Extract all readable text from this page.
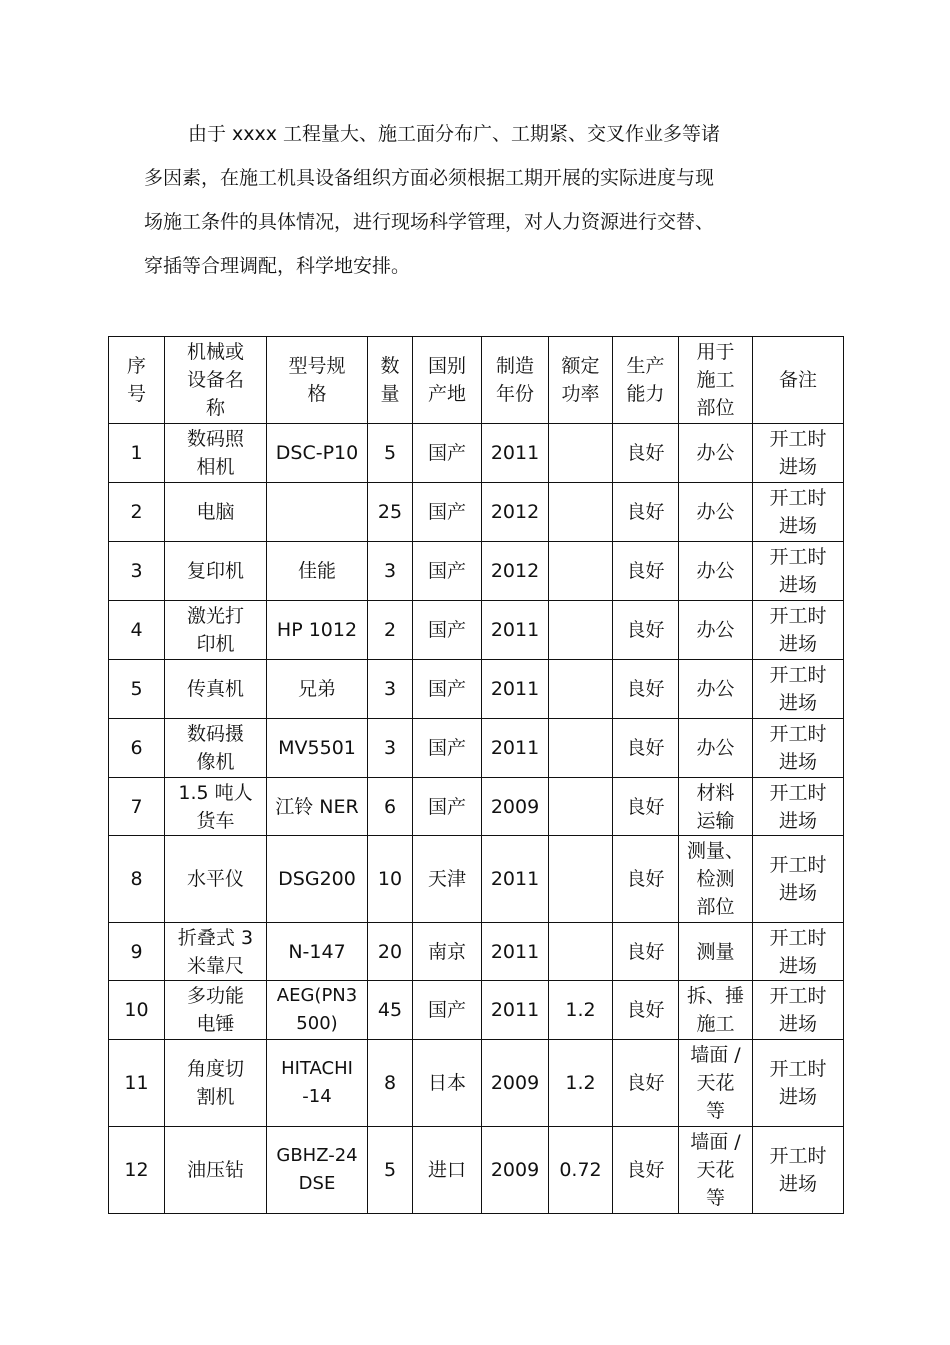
由于 xxxx 工程量大、施工面分布广、工期紧、交叉作业多等诸
多因素，在施工机具设备组织方面必须根据工期开展的实际进度与现
场施工条件的具体情况，进行现场科学管理，对人力资源进行交替、
穿插等合理调配，科学地安排。
序
号	机械或
设备名
称	型号规
格	数
量	国别
产地	制造
年份	额定
功率	生产
能力	用于
施工
部位	备注
1	数码照
相机	DSC-P10	5	国产	2011		良好	办公	开工时
进场
2	电脑		25	国产	2012		良好	办公	开工时
进场
3	复印机	佳能	3	国产	2012		良好	办公	开工时
进场
4	激光打
印机	HP 1012	2	国产	2011		良好	办公	开工时
进场
5	传真机	兄弟	3	国产	2011		良好	办公	开工时
进场
6	数码摄
像机	MV5501	3	国产	2011		良好	办公	开工时
进场
7	1.5 吨人
货车	江铃 NER	6	国产	2009		良好	材料
运输	开工时
进场
8	水平仪	DSG200	10	天津	2011		良好	测量、
检测
部位	开工时
进场
9	折叠式 3
米靠尺	N-147	20	南京	2011		良好	测量	开工时
进场
10	多功能
电锤	AEG(PN3
500)	45	国产	2011	1.2	良好	拆、捶
施工	开工时
进场
11	角度切
割机	HITACHI
-14	8	日本	2009	1.2	良好	墙面 /
天花
等	开工时
进场
12	油压钻	GBHZ-24
DSE	5	进口	2009	0.72	良好	墙面 /
天花
等	开工时
进场
